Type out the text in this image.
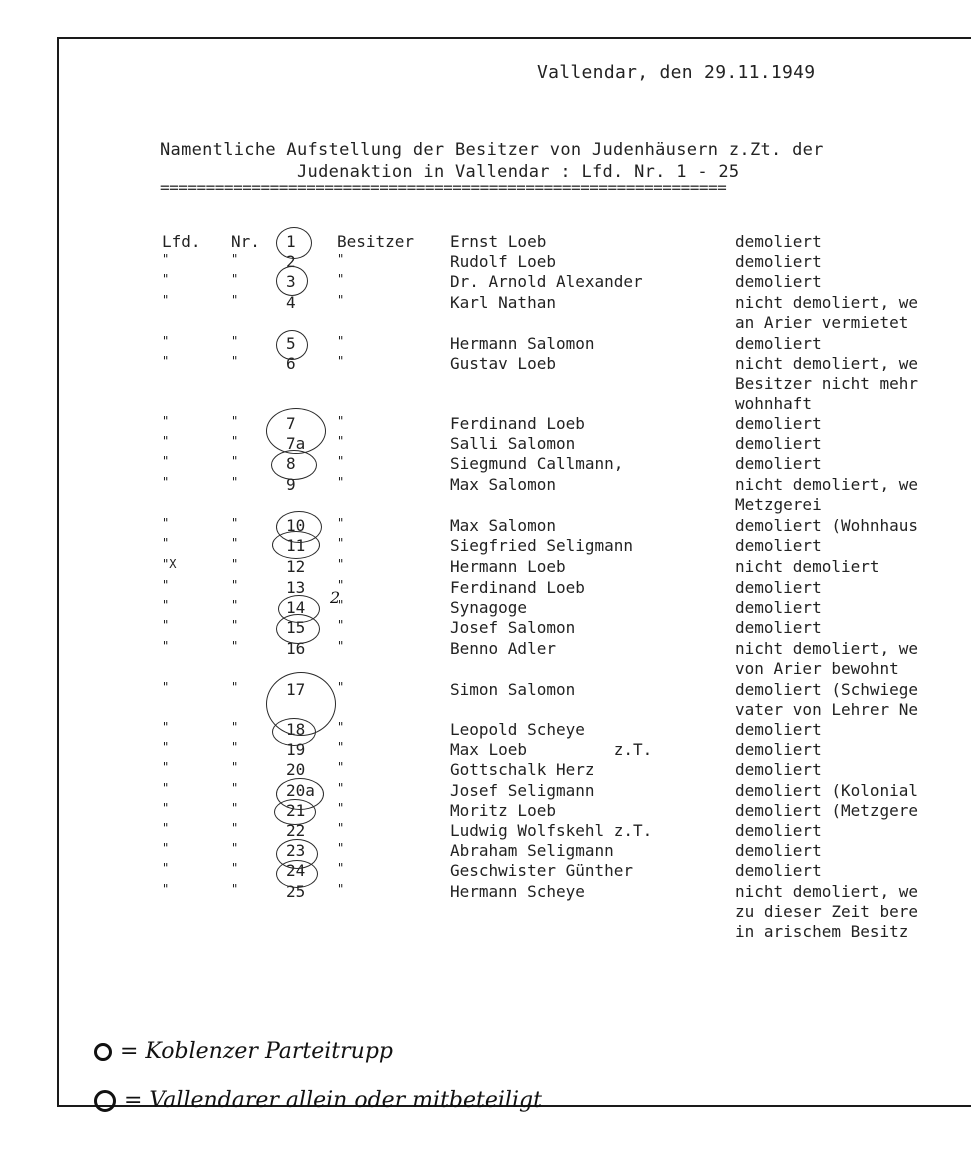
Vallendar, den 29.11.1949
Namentliche Aufstellung der Besitzer von Judenhäusern z.Zt. der
Judenaktion in Vallendar : Lfd. Nr. 1 - 25
==============================================================
Lfd. Nr. 1	Besitzer Ernst Loeb	demoliert
"	"	2	"	Rudolf Loeb	demoliert
"	"	3	"	Dr. Arnold Alexander	demoliert
"	"	4	"	Karl Nathan	nicht demoliert, we
an Arier vermietet
"	"	5	"	Hermann Salomon	demoliert
"	"	6	"	Gustav Loeb	nicht demoliert, we
Besitzer nicht mehr
wohnhaft
"	"	7	"	Ferdinand Loeb	demoliert
"	"	7a	"	Salli Salomon	demoliert
"	"	8	"	Siegmund Callmann,	demoliert
"	"	9	"	Max Salomon	nicht demoliert, we
Metzgerei
"	"	10	"	Max Salomon	demoliert (Wohnhaus
"	"	11	"	Siegfried Seligmann	demoliert
"X	"	12	"	Hermann Loeb	nicht demoliert
"	"	13	"	Ferdinand Loeb	demoliert
"	"	14	"	Synagoge	demoliert
"	"	15	"	Josef Salomon	demoliert
"	"	16	"	Benno Adler	nicht demoliert, we
von Arier bewohnt
"	"	17	"	Simon Salomon	demoliert (Schwiege
vater von Lehrer Ne
"	"	18	"	Leopold Scheye	demoliert
"	"	19	"	Max Loeb         z.T.	demoliert
"	"	20	"	Gottschalk Herz	demoliert
"	"	20a "	Josef Seligmann	demoliert (Kolonial
"	"	21	"	Moritz Loeb	demoliert (Metzgere
"	"	22	"	Ludwig Wolfskehl z.T.	demoliert
"	"	23	"	Abraham Seligmann	demoliert
"	"	24	"	Geschwister Günther	demoliert
"	"	25	"	Hermann Scheye	nicht demoliert, we
zu dieser Zeit bere
in arischem Besitz
2

= Koblenzer Parteitrupp

= Vallendarer allein oder mitbeteiligt
